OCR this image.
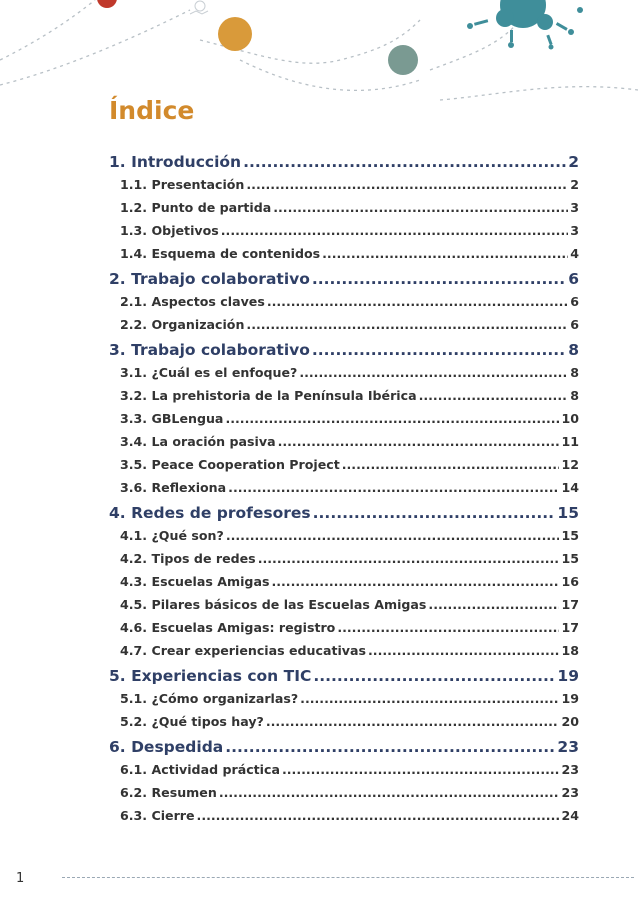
Índice
1. Introducción .....	2
1.1. Presentación .....	2
1.2. Punto de partida .....	3
1.3. Objetivos .....	3
1.4. Esquema de contenidos .....	4
2. Trabajo colaborativo .....	6
2.1. Aspectos claves .....	6
2.2. Organización .....	6
3. Trabajo colaborativo .....	8
3.1. ¿Cuál es el enfoque? .....	8
3.2. La prehistoria de la Península Ibérica .....	8
3.3. GBLengua .....	10
3.4. La oración pasiva .....	11
3.5. Peace Cooperation Project .....	12
3.6. Reflexiona .....	14
4. Redes de profesores .....	15
4.1. ¿Qué son? .....	15
4.2. Tipos de redes .....	15
4.3. Escuelas Amigas .....	16
4.5. Pilares básicos de las Escuelas Amigas .....	17
4.6. Escuelas Amigas: registro .....	17
4.7. Crear experiencias educativas .....	18
5. Experiencias con TIC .....	19
5.1. ¿Cómo organizarlas? .....	19
5.2. ¿Qué tipos hay? .....	20
6. Despedida .....	23
6.1. Actividad práctica .....	23
6.2. Resumen .....	23
6.3. Cierre .....	24
1
